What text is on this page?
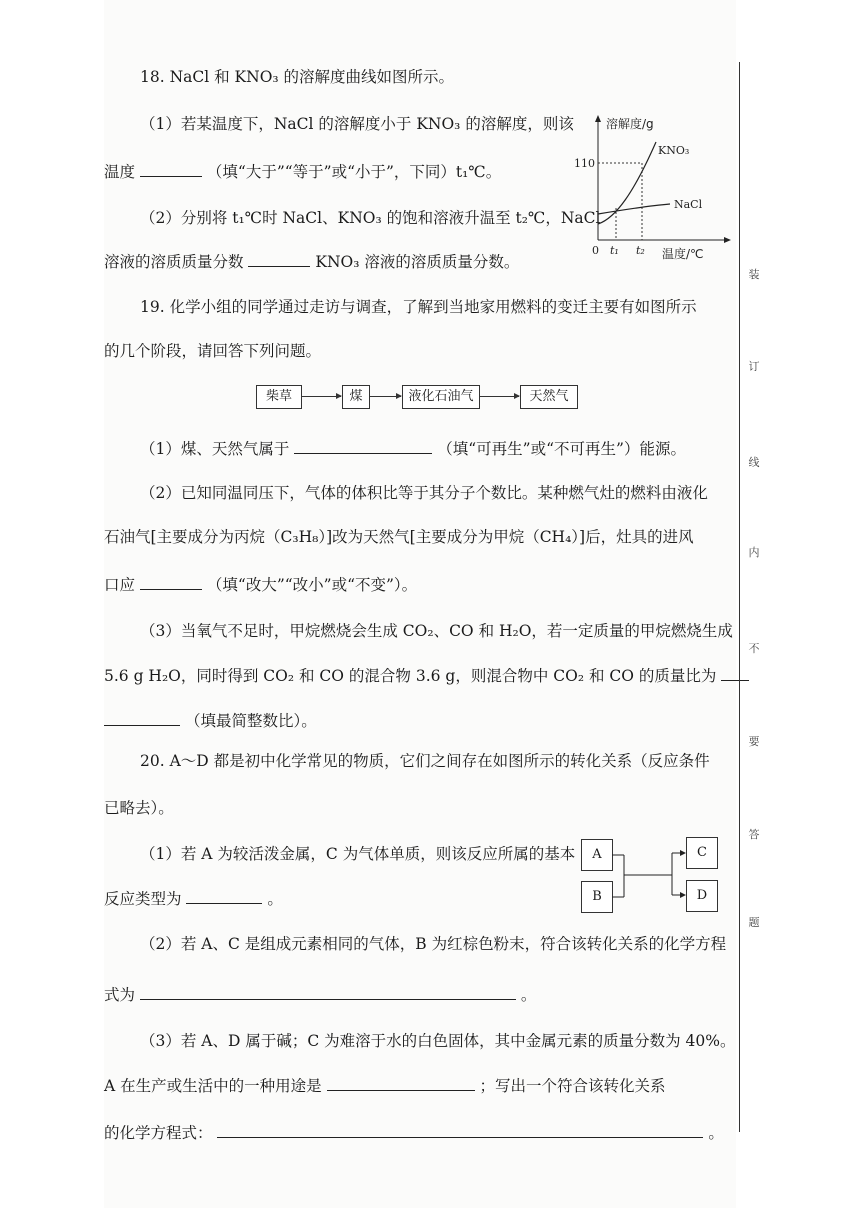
18. NaCl 和 KNO₃ 的溶解度曲线如图所示。
（1）若某温度下，NaCl 的溶解度小于 KNO₃ 的溶解度，则该
温度	（填“大于”“等于”或“小于”，下同）t₁℃。
（2）分别将 t₁℃时 NaCl、KNO₃ 的饱和溶液升温至 t₂℃，NaCl
溶液的溶质质量分数	KNO₃ 溶液的溶质质量分数。
溶解度/g
110
KNO₃
NaCl
0 t₁ t₂ 温度/℃
19. 化学小组的同学通过走访与调查，了解到当地家用燃料的变迁主要有如图所示
的几个阶段，请回答下列问题。
柴草	煤	液化石油气	天然气
（1）煤、天然气属于	（填“可再生”或“不可再生”）能源。
（2）已知同温同压下，气体的体积比等于其分子个数比。某种燃气灶的燃料由液化
石油气[主要成分为丙烷（C₃H₈）]改为天然气[主要成分为甲烷（CH₄）]后，灶具的进风
口应	（填“改大”“改小”或“不变”）。
（3）当氧气不足时，甲烷燃烧会生成 CO₂、CO 和 H₂O，若一定质量的甲烷燃烧生成
5.6 g H₂O，同时得到 CO₂ 和 CO 的混合物 3.6 g，则混合物中 CO₂ 和 CO 的质量比为
（填最简整数比）。
20. A～D 都是初中化学常见的物质，它们之间存在如图所示的转化关系（反应条件
已略去）。
（1）若 A 为较活泼金属，C 为气体单质，则该反应所属的基本
反应类型为	。
A
B
C
D
（2）若 A、C 是组成元素相同的气体，B 为红棕色粉末，符合该转化关系的化学方程
式为	。
（3）若 A、D 属于碱；C 为难溶于水的白色固体，其中金属元素的质量分数为 40%。
A 在生产或生活中的一种用途是	；写出一个符合该转化关系
的化学方程式：	。
装
订
线
内
不
要
答
题
